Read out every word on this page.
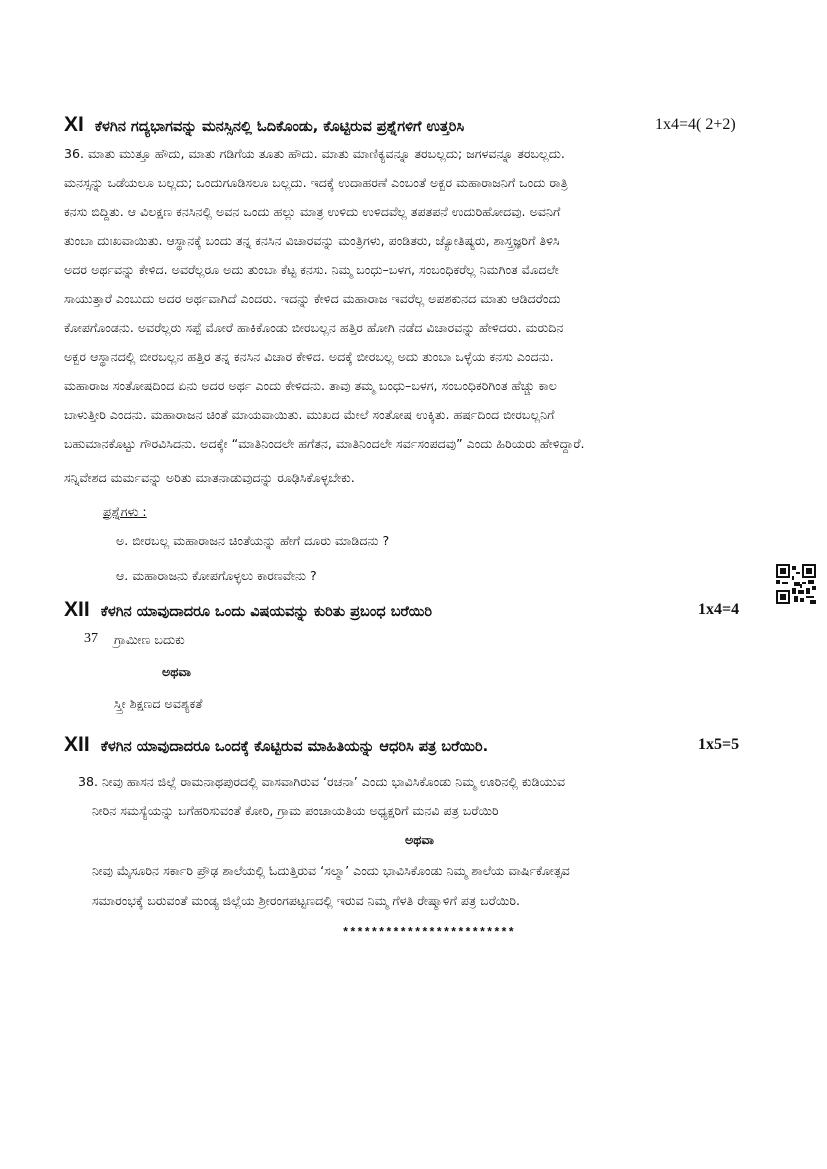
XI ಕೆಳಗಿನ ಗದ್ಯಭಾಗವನ್ನು ಮನಸ್ಸಿನಲ್ಲಿ ಓದಿಕೊಂಡು, ಕೊಟ್ಟಿರುವ ಪ್ರಶ್ನೆಗಳಿಗೆ ಉತ್ತರಿಸಿ	1x4=4( 2+2)
36. ಮಾತು ಮುತ್ತೂ ಹೌದು, ಮಾತು ಗಡಿಗೆಯ ತೂತು ಹೌದು. ಮಾತು ಮಾಣಿಕ್ಯವನ್ನೂ ತರಬಲ್ಲದು; ಜಗಳವನ್ನೂ ತರಬಲ್ಲದು.
ಮನಸ್ಸನ್ನು ಒಡೆಯಲೂ ಬಲ್ಲದು; ಒಂದುಗೂಡಿಸಲೂ ಬಲ್ಲದು. ಇದಕ್ಕೆ ಉದಾಹರಣೆ ಎಂಬಂತೆ ಅಕ್ಬರ ಮಹಾರಾಜನಿಗೆ ಒಂದು ರಾತ್ರಿ
ಕನಸು ಬಿದ್ದಿತು. ಆ ವಿಲಕ್ಷಣ ಕನಸಿನಲ್ಲಿ ಅವನ ಒಂದು ಹಲ್ಲು ಮಾತ್ರ ಉಳಿದು ಉಳಿದವೆಲ್ಲ ತಪತಪನೆ ಉದುರಿಹೋದವು. ಅವನಿಗೆ
ತುಂಬಾ ದುಃಖವಾಯಿತು. ಆಸ್ಥಾನಕ್ಕೆ ಬಂದು ತನ್ನ ಕನಸಿನ ವಿಚಾರವನ್ನು ಮಂತ್ರಿಗಳು, ಪಂಡಿತರು, ಜ್ಯೋತಿಷ್ಯರು, ಶಾಸ್ತ್ರಜ್ಞರಿಗೆ ತಿಳಿಸಿ
ಅದರ ಅರ್ಥವನ್ನು ಕೇಳಿದ. ಅವರೆಲ್ಲರೂ ಅದು ತುಂಬಾ ಕೆಟ್ಟ ಕನಸು. ನಿಮ್ಮ ಬಂಧು–ಬಳಗ, ಸಂಬಂಧಿಕರೆಲ್ಲ ನಿಮಗಿಂತ ಮೊದಲೇ
ಸಾಯುತ್ತಾರೆ ಎಂಬುದು ಅದರ ಅರ್ಥವಾಗಿದೆ ಎಂದರು. ಇದನ್ನು ಕೇಳಿದ ಮಹಾರಾಜ ಇವರೆಲ್ಲ ಅಪಶಕುನದ ಮಾತು ಆಡಿದರೆಂದು
ಕೋಪಗೊಂಡನು. ಅವರೆಲ್ಲರು ಸಪ್ಪೆ ಮೋರೆ ಹಾಕಿಕೊಂಡು ಬೀರಬಲ್ಲನ ಹತ್ತಿರ ಹೋಗಿ ನಡೆದ ವಿಚಾರವನ್ನು ಹೇಳಿದರು. ಮರುದಿನ
ಅಕ್ಬರ ಆಸ್ಥಾನದಲ್ಲಿ ಬೀರಬಲ್ಲನ ಹತ್ತಿರ ತನ್ನ ಕನಸಿನ ವಿಚಾರ ಕೇಳಿದ. ಅದಕ್ಕೆ ಬೀರಬಲ್ಲ ಅದು ತುಂಬಾ ಒಳ್ಳೆಯ ಕನಸು ಎಂದನು.
ಮಹಾರಾಜ ಸಂತೋಷದಿಂದ ಏನು ಅದರ ಅರ್ಥ ಎಂದು ಕೇಳಿದನು. ತಾವು ತಮ್ಮ ಬಂಧು–ಬಳಗ, ಸಂಬಂಧಿಕರಿಗಿಂತ ಹೆಚ್ಚು ಕಾಲ
ಬಾಳುತ್ತೀರಿ ಎಂದನು. ಮಹಾರಾಜನ ಚಿಂತೆ ಮಾಯವಾಯಿತು. ಮುಖದ ಮೇಲೆ ಸಂತೋಷ ಉಕ್ಕಿತು. ಹರ್ಷದಿಂದ ಬೀರಬಲ್ಲನಿಗೆ
ಬಹುಮಾನಕೊಟ್ಟು ಗೌರವಿಸಿದನು. ಅದಕ್ಕೇ “ಮಾತಿನಿಂದಲೇ ಹಗೆತನ, ಮಾತಿನಿಂದಲೇ ಸರ್ವಸಂಪದವು” ಎಂದು ಹಿರಿಯರು ಹೇಳಿದ್ದಾರೆ.
ಸನ್ನಿವೇಶದ ಮರ್ಮವನ್ನು ಅರಿತು ಮಾತನಾಡುವುದನ್ನು ರೂಢಿಸಿಕೊಳ್ಳಬೇಕು.
ಪ್ರಶ್ನೆಗಳು :
ಅ. ಬೀರಬಲ್ಲ ಮಹಾರಾಜನ ಚಿಂತೆಯನ್ನು ಹೇಗೆ ದೂರು ಮಾಡಿದನು ?
ಆ. ಮಹಾರಾಜನು ಕೋಪಗೊಳ್ಳಲು ಕಾರಣವೇನು ?
XII ಕೆಳಗಿನ ಯಾವುದಾದರೂ ಒಂದು ವಿಷಯವನ್ನು ಕುರಿತು ಪ್ರಬಂಧ ಬರೆಯಿರಿ	1x4=4
37 ಗ್ರಾಮೀಣ ಬದುಕು
ಅಥವಾ
ಸ್ತ್ರೀ ಶಿಕ್ಷಣದ ಅವಶ್ಯಕತೆ
XII ಕೆಳಗಿನ ಯಾವುದಾದರೂ ಒಂದಕ್ಕೆ ಕೊಟ್ಟಿರುವ ಮಾಹಿತಿಯನ್ನು ಆಧರಿಸಿ ಪತ್ರ ಬರೆಯಿರಿ.	1x5=5
38. ನೀವು ಹಾಸನ ಜಿಲ್ಲೆ ರಾಮನಾಥಪುರದಲ್ಲಿ ವಾಸವಾಗಿರುವ ‘ರಚನಾ’ ಎಂದು ಭಾವಿಸಿಕೊಂಡು ನಿಮ್ಮ ಊರಿನಲ್ಲಿ ಕುಡಿಯುವ
ನೀರಿನ ಸಮಸ್ಯೆಯನ್ನು ಬಗೆಹರಿಸುವಂತೆ ಕೋರಿ, ಗ್ರಾಮ ಪಂಚಾಯತಿಯ ಅಧ್ಯಕ್ಷರಿಗೆ ಮನವಿ ಪತ್ರ ಬರೆಯಿರಿ
ಅಥವಾ
ನೀವು ಮೈಸೂರಿನ ಸರ್ಕಾರಿ ಪ್ರೌಢ ಶಾಲೆಯಲ್ಲಿ ಓದುತ್ತಿರುವ ‘ಸಲ್ಮಾ’ ಎಂದು ಭಾವಿಸಿಕೊಂಡು ನಿಮ್ಮ ಶಾಲೆಯ ವಾರ್ಷಿಕೋತ್ಸವ
ಸಮಾರಂಭಕ್ಕೆ ಬರುವಂತೆ ಮಂಡ್ಯ ಜಿಲ್ಲೆಯ ಶ್ರೀರಂಗಪಟ್ಟಣದಲ್ಲಿ ಇರುವ ನಿಮ್ಮ ಗೆಳತಿ ರೇಷ್ಮಾಳಿಗೆ ಪತ್ರ ಬರೆಯಿರಿ.
************************
